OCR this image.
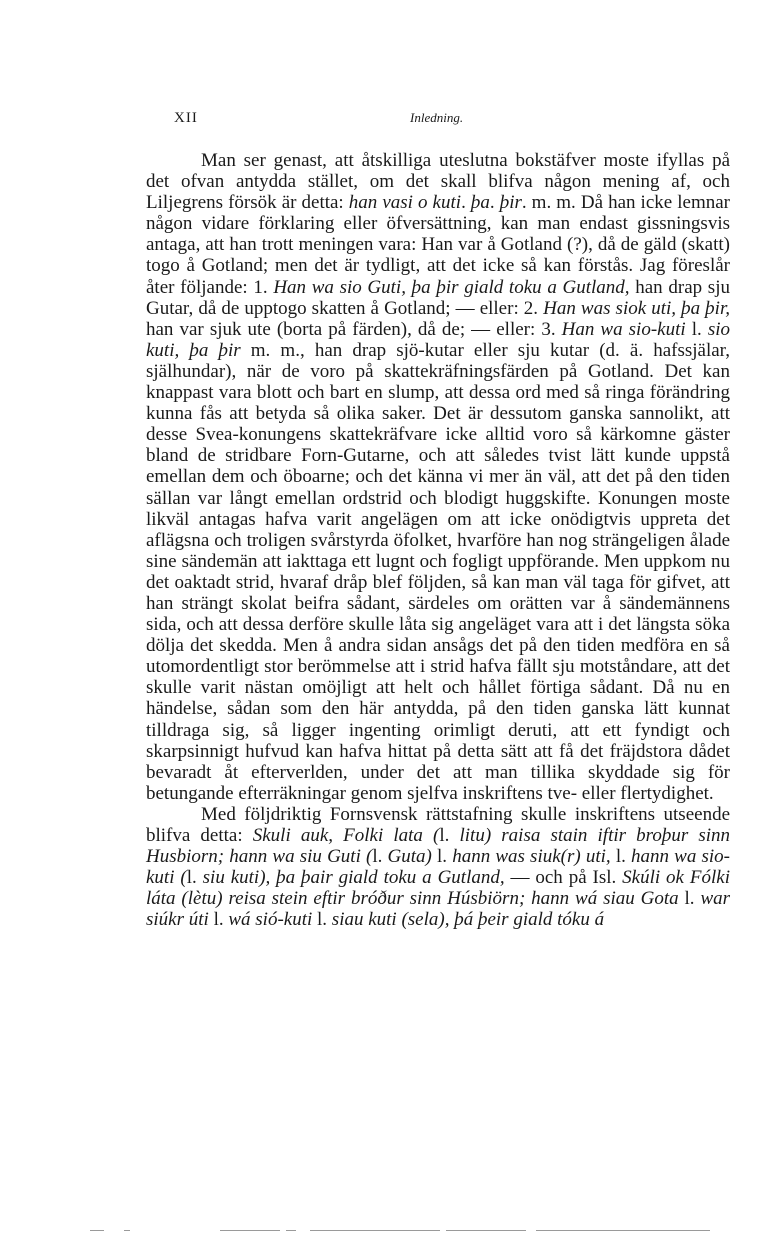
XII	Inledning.

Man ser genast, att åtskilliga uteslutna bokstäfver moste ifyllas på det ofvan antydda stället, om det skall blifva någon mening af, och Liljegrens försök är detta: han vasi o kuti. þa. þir. m. m. Då han icke lemnar någon vidare förklaring eller öfversättning, kan man endast gissningsvis antaga, att han trott meningen vara: Han var å Gotland (?), då de gäld (skatt) togo å Gotland; men det är tydligt, att det icke så kan förstås. Jag föreslår åter följande: 1. Han wa sio Guti, þa þir giald toku a Gutland, han drap sju Gutar, då de upptogo skatten å Gotland; — eller: 2. Han was siok uti, þa þir, han var sjuk ute (borta på färden), då de; — eller: 3. Han wa sio-kuti l. sio kuti, þa þir m. m., han drap sjö-kutar eller sju kutar (d. ä. hafssjälar, själhundar), när de voro på skattekräfningsfärden på Gotland. Det kan knappast vara blott och bart en slump, att dessa ord med så ringa förändring kunna fås att betyda så olika saker. Det är dessutom ganska sannolikt, att desse Svea-konungens skattekräfvare icke alltid voro så kärkomne gäster bland de stridbare Forn-Gutarne, och att således tvist lätt kunde uppstå emellan dem och öboarne; och det känna vi mer än väl, att det på den tiden sällan var långt emellan ordstrid och blodigt huggskifte. Konungen moste likväl antagas hafva varit angelägen om att icke onödigtvis uppreta det aflägsna och troligen svårstyrda öfolket, hvarföre han nog strängeligen ålade sine sändemän att iakttaga ett lugnt och fogligt uppförande. Men uppkom nu det oaktadt strid, hvaraf dråp blef följden, så kan man väl taga för gifvet, att han strängt skolat beifra sådant, särdeles om orätten var å sändemännens sida, och att dessa derföre skulle låta sig angeläget vara att i det längsta söka dölja det skedda. Men å andra sidan ansågs det på den tiden medföra en så utomordentligt stor berömmelse att i strid hafva fällt sju motståndare, att det skulle varit nästan omöjligt att helt och hållet förtiga sådant. Då nu en händelse, sådan som den här antydda, på den tiden ganska lätt kunnat tilldraga sig, så ligger ingenting orimligt deruti, att ett fyndigt och skarpsinnigt hufvud kan hafva hittat på detta sätt att få det fräjdstora dådet bevaradt åt efterverlden, under det att man tillika skyddade sig för betungande efterräkningar genom sjelfva inskriftens tve- eller flertydighet.

Med följdriktig Fornsvensk rättstafning skulle inskriftens utseende blifva detta: Skuli auk, Folki lata (l. litu) raisa stain iftir broþur sinn Husbiorn; hann wa siu Guti (l. Guta) l. hann was siuk(r) uti, l. hann wa sio-kuti (l. siu kuti), þa þair giald toku a Gutland, — och på Isl. Skúli ok Fólki láta (lètu) reisa stein eftir bróður sinn Húsbiörn; hann wá siau Gota l. war siúkr úti l. wá sió-kuti l. siau kuti (sela), þá þeir giald tóku á
